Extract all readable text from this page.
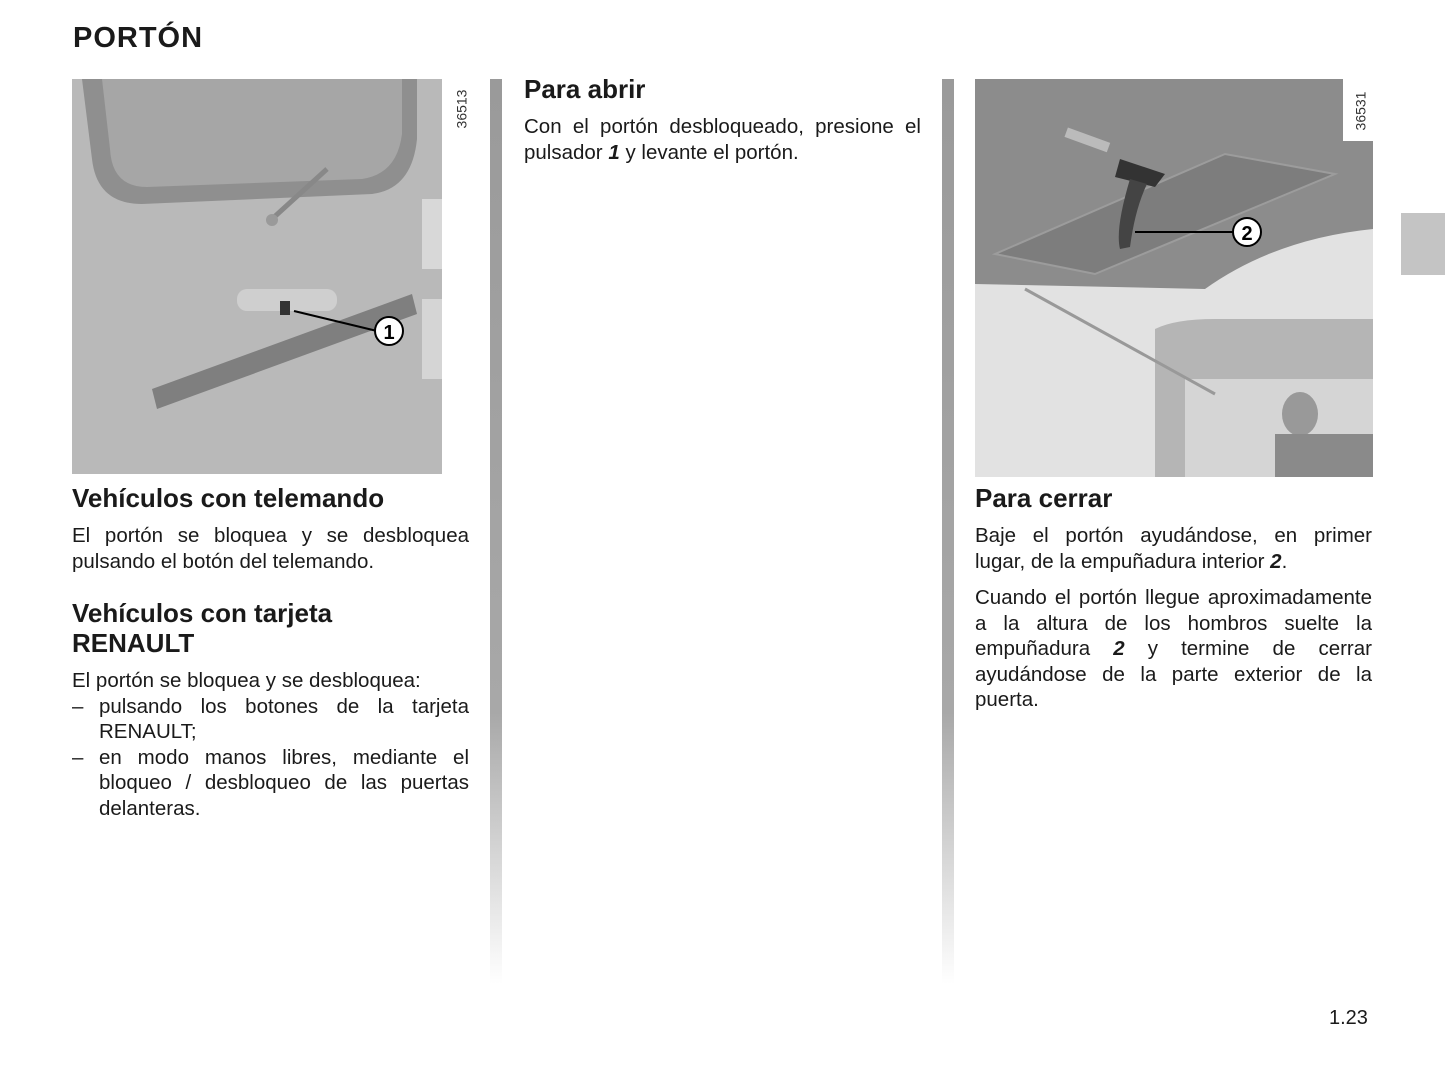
PORTÓN
1
36513
2
36531
Vehículos con telemando

El portón se bloquea y se desbloquea pulsando el botón del telemando.

Vehículos con tarjeta
RENAULT

El portón se bloquea y se desbloquea:

– pulsando los botones de la tarjeta RENAULT;
– en modo manos libres, mediante el bloqueo / desbloqueo de las puertas delanteras.
Para abrir

Con el portón desbloqueado, presione el pulsador 1 y levante el portón.

Para cerrar

Baje el portón ayudándose, en primer lugar, de la empuñadura interior 2.

Cuando el portón llegue aproximadamente a la altura de los hombros suelte la empuñadura 2 y termine de cerrar ayudándose de la parte exterior de la puerta.

1.23
